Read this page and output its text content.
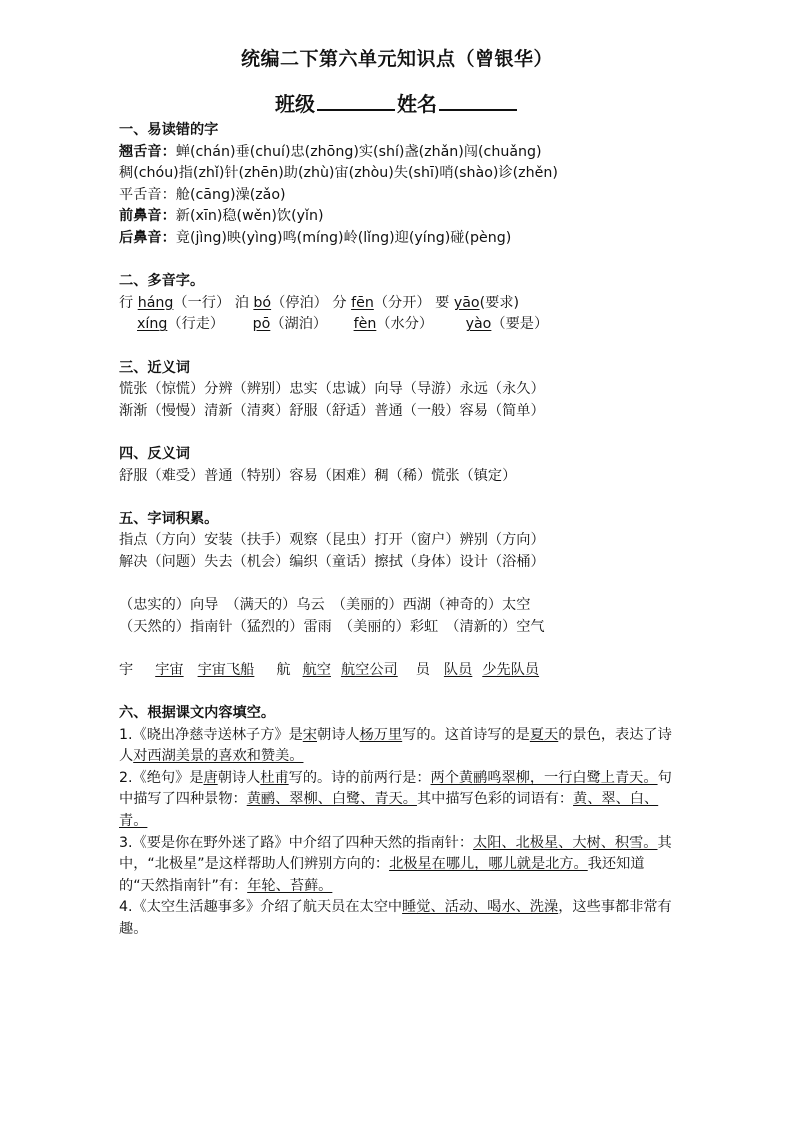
统编二下第六单元知识点（曾银华）
班级	姓名
一、易读错的字
翘舌音：蝉(chán)垂(chuí)忠(zhōng)实(shí)盏(zhǎn)闯(chuǎng)
稠(chóu)指(zhǐ)针(zhēn)助(zhù)宙(zhòu)失(shī)哨(shào)诊(zhěn)
平舌音：舱(cāng)澡(zǎo)
前鼻音：新(xīn)稳(wěn)饮(yǐn)
后鼻音：竟(jìng)映(yìng)鸣(míng)岭(lǐng)迎(yíng)碰(pèng)
二、多音字。
行 háng（一行） 泊 bó（停泊） 分 fēn（分开） 要 yāo(要求)
xíng（行走） pō（湖泊） fèn（水分） yào（要是）
三、近义词
慌张（惊慌）分辨（辨别）忠实（忠诚）向导（导游）永远（永久）
渐渐（慢慢）清新（清爽）舒服（舒适）普通（一般）容易（简单）
四、反义词
舒服（难受）普通（特别）容易（困难）稠（稀）慌张（镇定）
五、字词积累。
指点（方向）安装（扶手）观察（昆虫）打开（窗户）辨别（方向）
解决（问题）失去（机会）编织（童话）擦拭（身体）设计（浴桶）
（忠实的）向导　（满天的）乌云　（美丽的）西湖（神奇的）太空
（天然的）指南针（猛烈的）雷雨　（美丽的）彩虹　（清新的）空气
宇 宇宙 宇宙飞船 航 航空 航空公司 员 队员 少先队员
六、根据课文内容填空。
1.《晓出净慈寺送林子方》是宋朝诗人杨万里写的。这首诗写的是夏天的景色，表达了诗人对西湖美景的喜欢和赞美。
2.《绝句》是唐朝诗人杜甫写的。诗的前两行是：两个黄鹂鸣翠柳，一行白鹭上青天。句中描写了四种景物：黄鹂、翠柳、白鹭、青天。其中描写色彩的词语有：黄、翠、白、青。
3.《要是你在野外迷了路》中介绍了四种天然的指南针：太阳、北极星、大树、积雪。其中，“北极星”是这样帮助人们辨别方向的：北极星在哪儿，哪儿就是北方。我还知道的“天然指南针”有：年轮、苔藓。
4.《太空生活趣事多》介绍了航天员在太空中睡觉、活动、喝水、洗澡，这些事都非常有趣。
